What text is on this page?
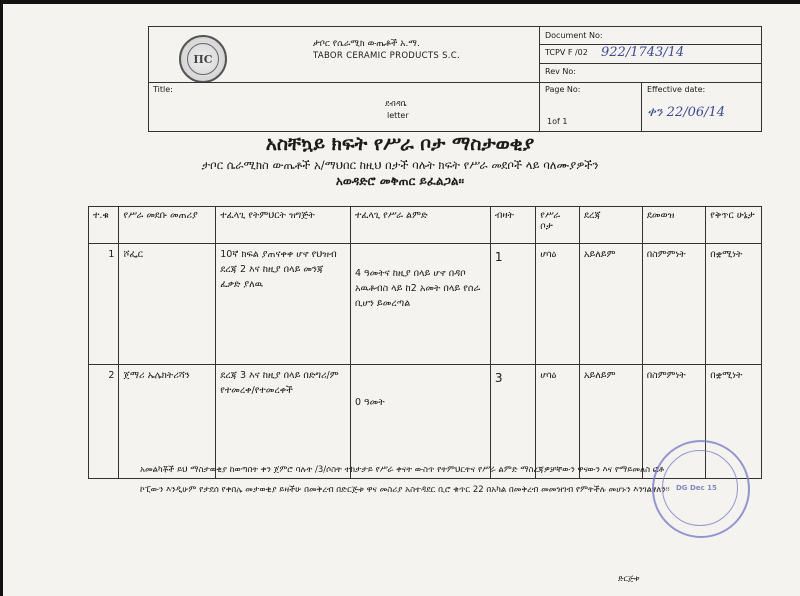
ΠC
ታቦር የሴራሚክ ውጤቶች አ.ማ.
TABOR CERAMIC PRODUCTS S.C.
Document No:
TCPV F /02 922/1743/14
Rev No:
Title:
ደብዳቤ
letter
Page No:
1of 1
Effective date:
ቀን 22/06/14
አስቸኳይ ክፍት የሥራ ቦታ ማስታወቂያ
ታቦር ሴራሚክስ ውጤቶች አ/ማህበር ከዚህ በታች ባሉት ክፍት የሥራ መደቦች ላይ ባለሙያዎችን
አወዳድሮ መቅጠር ይፈልጋል፡፡
ተ.ቁ	የሥራ መደቡ መጠሪያ	ተፈላጊ የትምህርት ዝግጅት	ተፈላጊ የሥራ ልምድ	ብዛት	የሥራ ቦታ	ደረጃ	ደመወዝ	የቅጥር ሁኔታ
1	ሾፌር	10ኛ ክፍል ያጠናቀቀ ሆኖ የህዝብ ደረጃ 2 እና ከዚያ በላይ መንጃ ፈቃድ ያለዉ	4 ዓመትና ከዚያ በላይ ሆኖ በዳቦ አዉቶብስ ላይ ከ2 አመት በላይ የሰራ ቢሆን ይመረጣል	1	ሆሳዕ	አይለይም	በስምምነት	በቋሚነት
2	ጀማሪ ኤሌክትሪሻን	ደረጃ 3 እና ከዚያ በላይ በድግሪ/ም የተመረቀ/የተመረቀች	0 ዓመት	3	ሆሳዕ	አይለይም	በስምምነት	በቋሚነት
አመልካቾች ይህ ማስታወቂያ ከወጣበት ቀን ጀምሮ ባሉት /3/ሶስት ተከታታይ የሥራ ቀናት ውስጥ የትምህርትና የሥራ ልምድ ማስረጃዎቻቸውን ዋናውን እና የማይመለስ ፎቶ ኮፒውን እንዲሁም የታደሰ የቀበሌ መታወቂያ ይዛችሁ በመቅረብ በድርጅቱ ዋና መስሪያ አስተዳደር ቢሮ ቁጥር 22 በአካል በመቅረብ መመዝገብ የምትችሉ መሆኑን እንገልፃለን፡፡ DG Dec 15
ድርጅቱ
